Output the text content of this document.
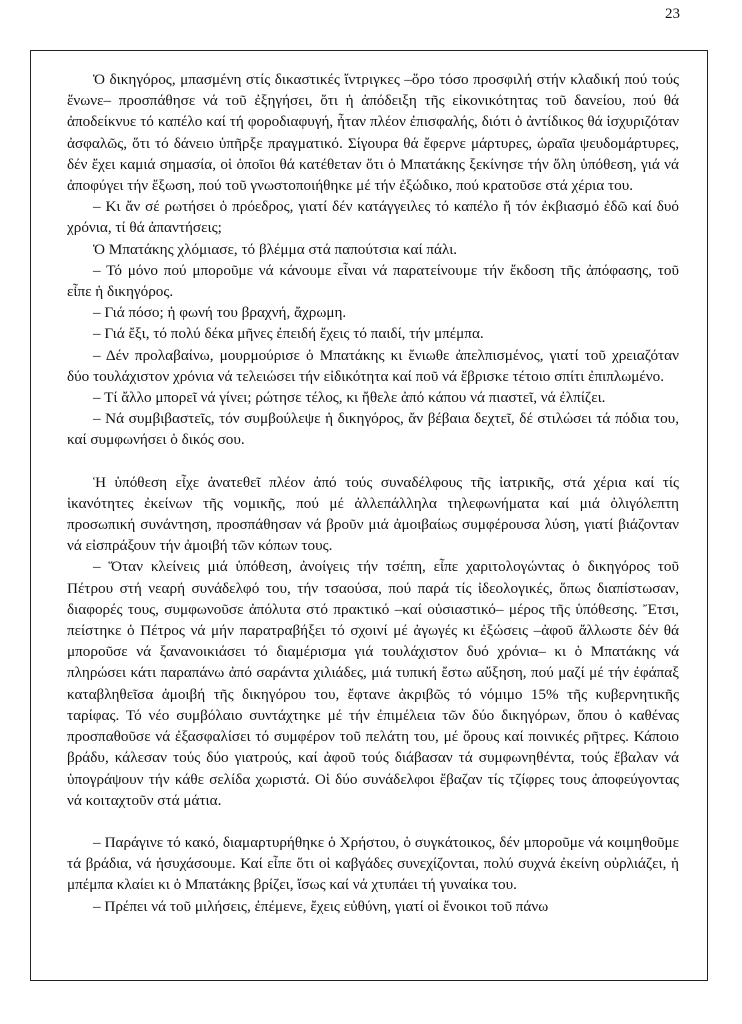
23

Ὁ δικηγόρος, μπασμένη στίς δικαστικές ἴντριγκες –ὅρο τόσο προσφιλή στήν κλαδική πού τούς ἕνωνε– προσπάθησε νά τοῦ ἐξηγήσει, ὅτι ἡ ἀπόδειξη τῆς εἰκονικότητας τοῦ δανείου, πού θά ἀποδείκνυε τό καπέλο καί τή φοροδιαφυγή, ἦταν πλέον ἐπισφαλής, διότι ὁ ἀντίδικος θά ἰσχυριζόταν ἀσφαλῶς, ὅτι τό δάνειο ὑπῆρξε πραγματικό. Σίγουρα θά ἔφερνε μάρτυρες, ὡραῖα ψευδομάρτυρες, δέν ἔχει καμιά σημασία, οἱ ὁποῖοι θά κατέθεταν ὅτι ὁ Μπατάκης ξεκίνησε τήν ὅλη ὑπόθεση, γιά νά ἀποφύγει τήν ἔξωση, πού τοῦ γνωστοποιήθηκε μέ τήν ἐξώδικο, πού κρατοῦσε στά χέρια του.

– Κι ἄν σέ ρωτήσει ὁ πρόεδρος, γιατί δέν κατάγγειλες τό καπέλο ἤ τόν ἐκβιασμό ἐδῶ καί δυό χρόνια, τί θά ἀπαντήσεις;

Ὁ Μπατάκης χλόμιασε, τό βλέμμα στά παπούτσια καί πάλι.

– Τό μόνο πού μποροῦμε νά κάνουμε εἶναι νά παρατείνουμε τήν ἔκδοση τῆς ἀπόφασης, τοῦ εἶπε ἡ δικηγόρος.

– Γιά πόσο; ἡ φωνή του βραχνή, ἄχρωμη.

– Γιά ἔξι, τό πολύ δέκα μῆνες ἐπειδή ἔχεις τό παιδί, τήν μπέμπα.

– Δέν προλαβαίνω, μουρμούρισε ὁ Μπατάκης κι ἔνιωθε ἀπελπισμένος, γιατί τοῦ χρειαζόταν δύο τουλάχιστον χρόνια νά τελειώσει τήν εἰδικότητα καί ποῦ νά ἔβρισκε τέτοιο σπίτι ἐπιπλωμένο.

– Τί ἄλλο μπορεῖ νά γίνει; ρώτησε τέλος, κι ἤθελε ἀπό κάπου νά πιαστεῖ, νά ἐλπίζει.

– Νά συμβιβαστεῖς, τόν συμβούλεψε ἡ δικηγόρος, ἄν βέβαια δεχτεῖ, δέ στιλώσει τά πόδια του, καί συμφωνήσει ὁ δικός σου.

Ἡ ὑπόθεση εἶχε ἀνατεθεῖ πλέον ἀπό τούς συναδέλφους τῆς ἰατρικῆς, στά χέρια καί τίς ἱκανότητες ἐκείνων τῆς νομικῆς, πού μέ ἀλλεπάλληλα τηλεφωνήματα καί μιά ὀλιγόλεπτη προσωπική συνάντηση, προσπάθησαν νά βροῦν μιά ἀμοιβαίως συμφέρουσα λύση, γιατί βιάζονταν νά εἰσπράξουν τήν ἀμοιβή τῶν κόπων τους.

– Ὅταν κλείνεις μιά ὑπόθεση, ἀνοίγεις τήν τσέπη, εἶπε χαριτολογώντας ὁ δικηγόρος τοῦ Πέτρου στή νεαρή συνάδελφό του, τήν τσαούσα, πού παρά τίς ἰδεολογικές, ὅπως διαπίστωσαν, διαφορές τους, συμφωνοῦσε ἀπόλυτα στό πρακτικό –καί οὐσιαστικό– μέρος τῆς ὑπόθεσης. Ἔτσι, πείστηκε ὁ Πέτρος νά μήν παρατραβήξει τό σχοινί μέ ἀγωγές κι ἐξώσεις –ἀφοῦ ἄλλωστε δέν θά μποροῦσε νά ξανανοικιάσει τό διαμέρισμα γιά τουλάχιστον δυό χρόνια– κι ὁ Μπατάκης νά πληρώσει κάτι παραπάνω ἀπό σαράντα χιλιάδες, μιά τυπική ἔστω αὔξηση, πού μαζί μέ τήν ἐφάπαξ καταβληθεῖσα ἀμοιβή τῆς δικηγόρου του, ἔφτανε ἀκριβῶς τό νόμιμο 15% τῆς κυβερνητικῆς ταρίφας. Τό νέο συμβόλαιο συντάχτηκε μέ τήν ἐπιμέλεια τῶν δύο δικηγόρων, ὅπου ὁ καθένας προσπαθοῦσε νά ἐξασφαλίσει τό συμφέρον τοῦ πελάτη του, μέ ὅρους καί ποινικές ρῆτρες. Κάποιο βράδυ, κάλεσαν τούς δύο γιατρούς, καί ἀφοῦ τούς διάβασαν τά συμφωνηθέντα, τούς ἔβαλαν νά ὑπογράψουν τήν κάθε σελίδα χωριστά. Οἱ δύο συνάδελφοι ἔβαζαν τίς τζίφρες τους ἀποφεύγοντας νά κοιταχτοῦν στά μάτια.

– Παράγινε τό κακό, διαμαρτυρήθηκε ὁ Χρήστου, ὁ συγκάτοικος, δέν μποροῦμε νά κοιμηθοῦμε τά βράδια, νά ἡσυχάσουμε. Καί εἶπε ὅτι οἱ καβγάδες συνεχίζονται, πολύ συχνά ἐκείνη οὐρλιάζει, ἡ μπέμπα κλαίει κι ὁ Μπατάκης βρίζει, ἴσως καί νά χτυπάει τή γυναίκα του.

– Πρέπει νά τοῦ μιλήσεις, ἐπέμενε, ἔχεις εὐθύνη, γιατί οἱ ἔνοικοι τοῦ πάνω
